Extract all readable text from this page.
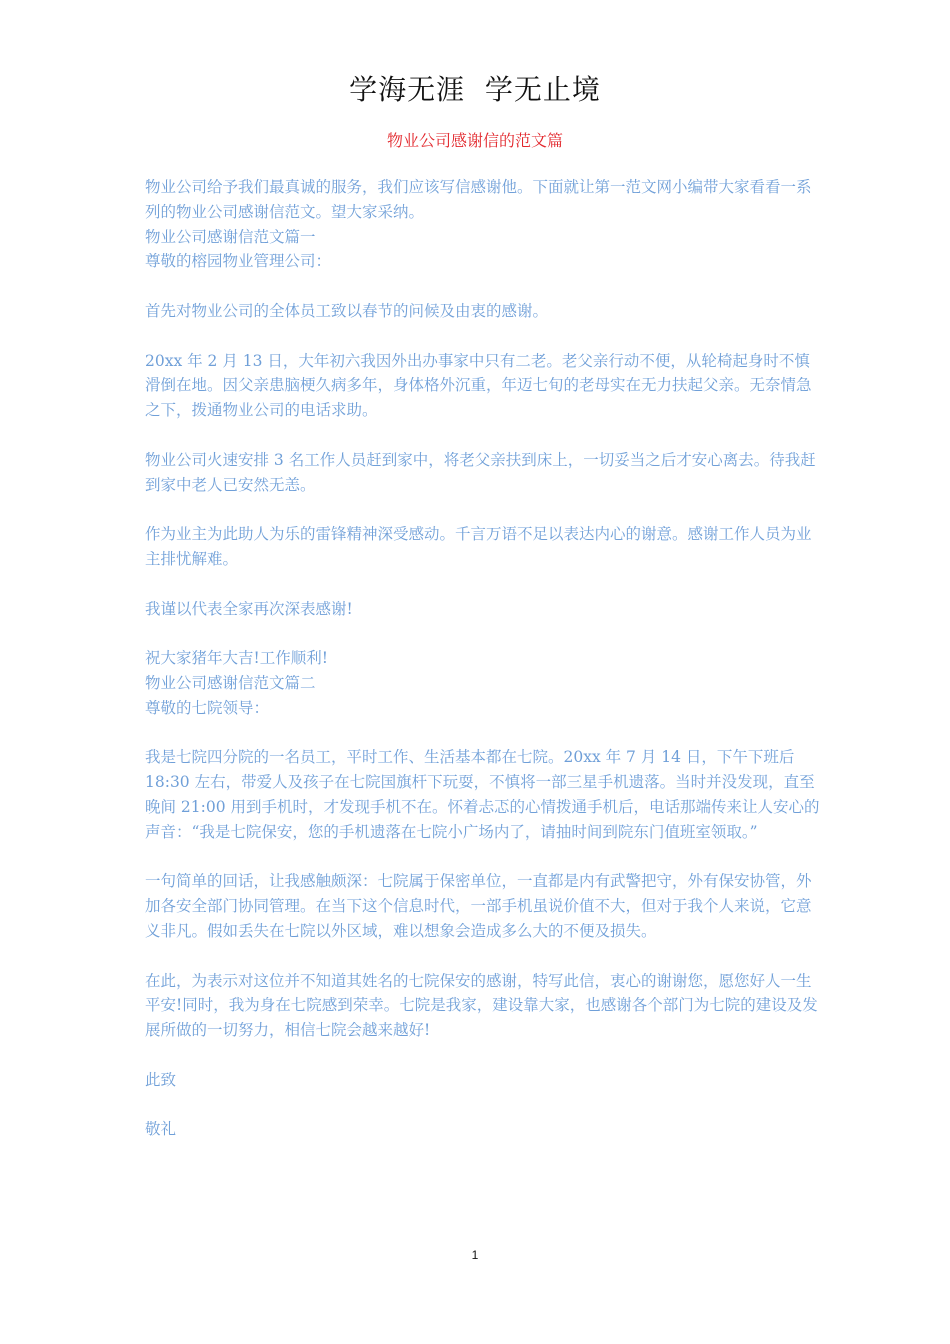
学海无涯  学无止境
物业公司感谢信的范文篇

物业公司给予我们最真诚的服务，我们应该写信感谢他。下面就让第一范文网小编带大家看看一系列的物业公司感谢信范文。望大家采纳。

物业公司感谢信范文篇一

尊敬的榕园物业管理公司：

首先对物业公司的全体员工致以春节的问候及由衷的感谢。

20xx 年 2 月 13 日，大年初六我因外出办事家中只有二老。老父亲行动不便，从轮椅起身时不慎滑倒在地。因父亲患脑梗久病多年，身体格外沉重，年迈七旬的老母实在无力扶起父亲。无奈情急之下，拨通物业公司的电话求助。

物业公司火速安排 3 名工作人员赶到家中，将老父亲扶到床上，一切妥当之后才安心离去。待我赶到家中老人已安然无恙。

作为业主为此助人为乐的雷锋精神深受感动。千言万语不足以表达内心的谢意。感谢工作人员为业主排忧解难。

我谨以代表全家再次深表感谢!

祝大家猪年大吉!工作顺利!

物业公司感谢信范文篇二

尊敬的七院领导：

我是七院四分院的一名员工，平时工作、生活基本都在七院。20xx 年 7 月 14 日，下午下班后 18:30 左右，带爱人及孩子在七院国旗杆下玩耍，不慎将一部三星手机遗落。当时并没发现，直至晚间 21:00 用到手机时，才发现手机不在。怀着忐忑的心情拨通手机后，电话那端传来让人安心的声音：“我是七院保安，您的手机遗落在七院小广场内了，请抽时间到院东门值班室领取。”

一句简单的回话，让我感触颇深：七院属于保密单位，一直都是内有武警把守，外有保安协管，外加各安全部门协同管理。在当下这个信息时代，一部手机虽说价值不大，但对于我个人来说，它意义非凡。假如丢失在七院以外区域，难以想象会造成多么大的不便及损失。

在此，为表示对这位并不知道其姓名的七院保安的感谢，特写此信，衷心的谢谢您，愿您好人一生平安!同时，我为身在七院感到荣幸。七院是我家，建设靠大家，也感谢各个部门为七院的建设及发展所做的一切努力，相信七院会越来越好!

此致

敬礼

1
